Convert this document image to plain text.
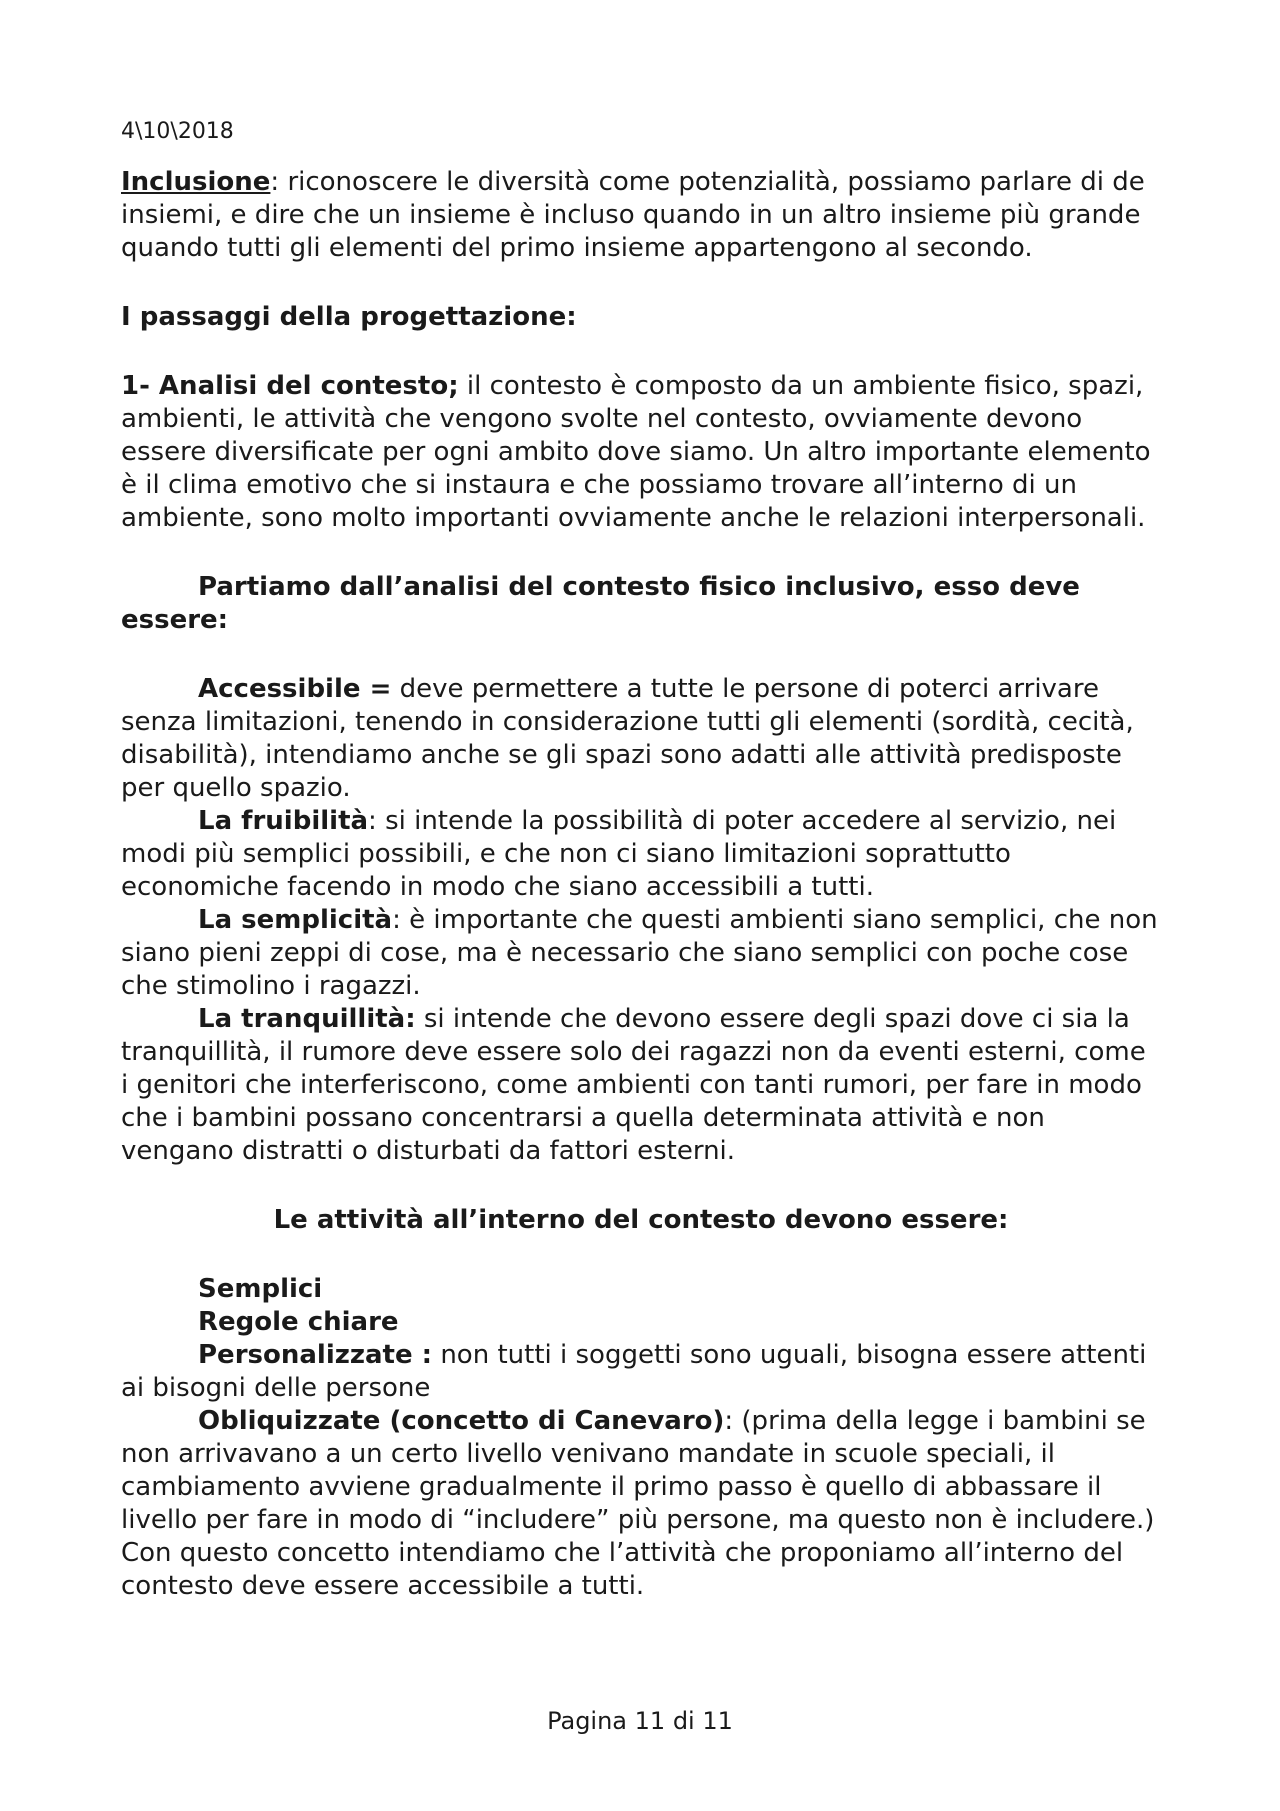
4\10\2018

Inclusione: riconoscere le diversità come potenzialità, possiamo parlare di de insiemi, e dire che un insieme è incluso quando in un altro insieme più grande quando tutti gli elementi del primo insieme appartengono al secondo.

I passaggi della progettazione:

1- Analisi del contesto; il contesto è composto da un ambiente fisico, spazi, ambienti, le attività che vengono svolte nel contesto, ovviamente devono essere diversificate per ogni ambito dove siamo. Un altro importante elemento è il clima emotivo che si instaura e che possiamo trovare all’interno di un ambiente, sono molto importanti ovviamente anche le relazioni interpersonali.

Partiamo dall’analisi del contesto fisico inclusivo, esso deve essere:

Accessibile = deve permettere a tutte le persone di poterci arrivare senza limitazioni, tenendo in considerazione tutti gli elementi (sordità, cecità, disabilità), intendiamo anche se gli spazi sono adatti alle attività predisposte per quello spazio.

La fruibilità: si intende la possibilità di poter accedere al servizio, nei modi più semplici possibili, e che non ci siano limitazioni soprattutto economiche facendo in modo che siano accessibili a tutti.

La semplicità: è importante che questi ambienti siano semplici, che non siano pieni zeppi di cose, ma è necessario che siano semplici con poche cose che stimolino i ragazzi.

La tranquillità: si intende che devono essere degli spazi dove ci sia la tranquillità, il rumore deve essere solo dei ragazzi non da eventi esterni, come i genitori che interferiscono, come ambienti con tanti rumori, per fare in modo che i bambini possano concentrarsi a quella determinata attività e non vengano distratti o disturbati da fattori esterni.

Le attività all’interno del contesto devono essere:

Semplici

Regole chiare

Personalizzate : non tutti i soggetti sono uguali, bisogna essere attenti ai bisogni delle persone

Obliquizzate (concetto di Canevaro): (prima della legge i bambini se non arrivavano a un certo livello venivano mandate in scuole speciali, il cambiamento avviene gradualmente il primo passo è quello di abbassare il livello per fare in modo di “includere” più persone, ma questo non è includere.) Con questo concetto intendiamo che l’attività che proponiamo all’interno del contesto deve essere accessibile a tutti.

Pagina 11 di 11
